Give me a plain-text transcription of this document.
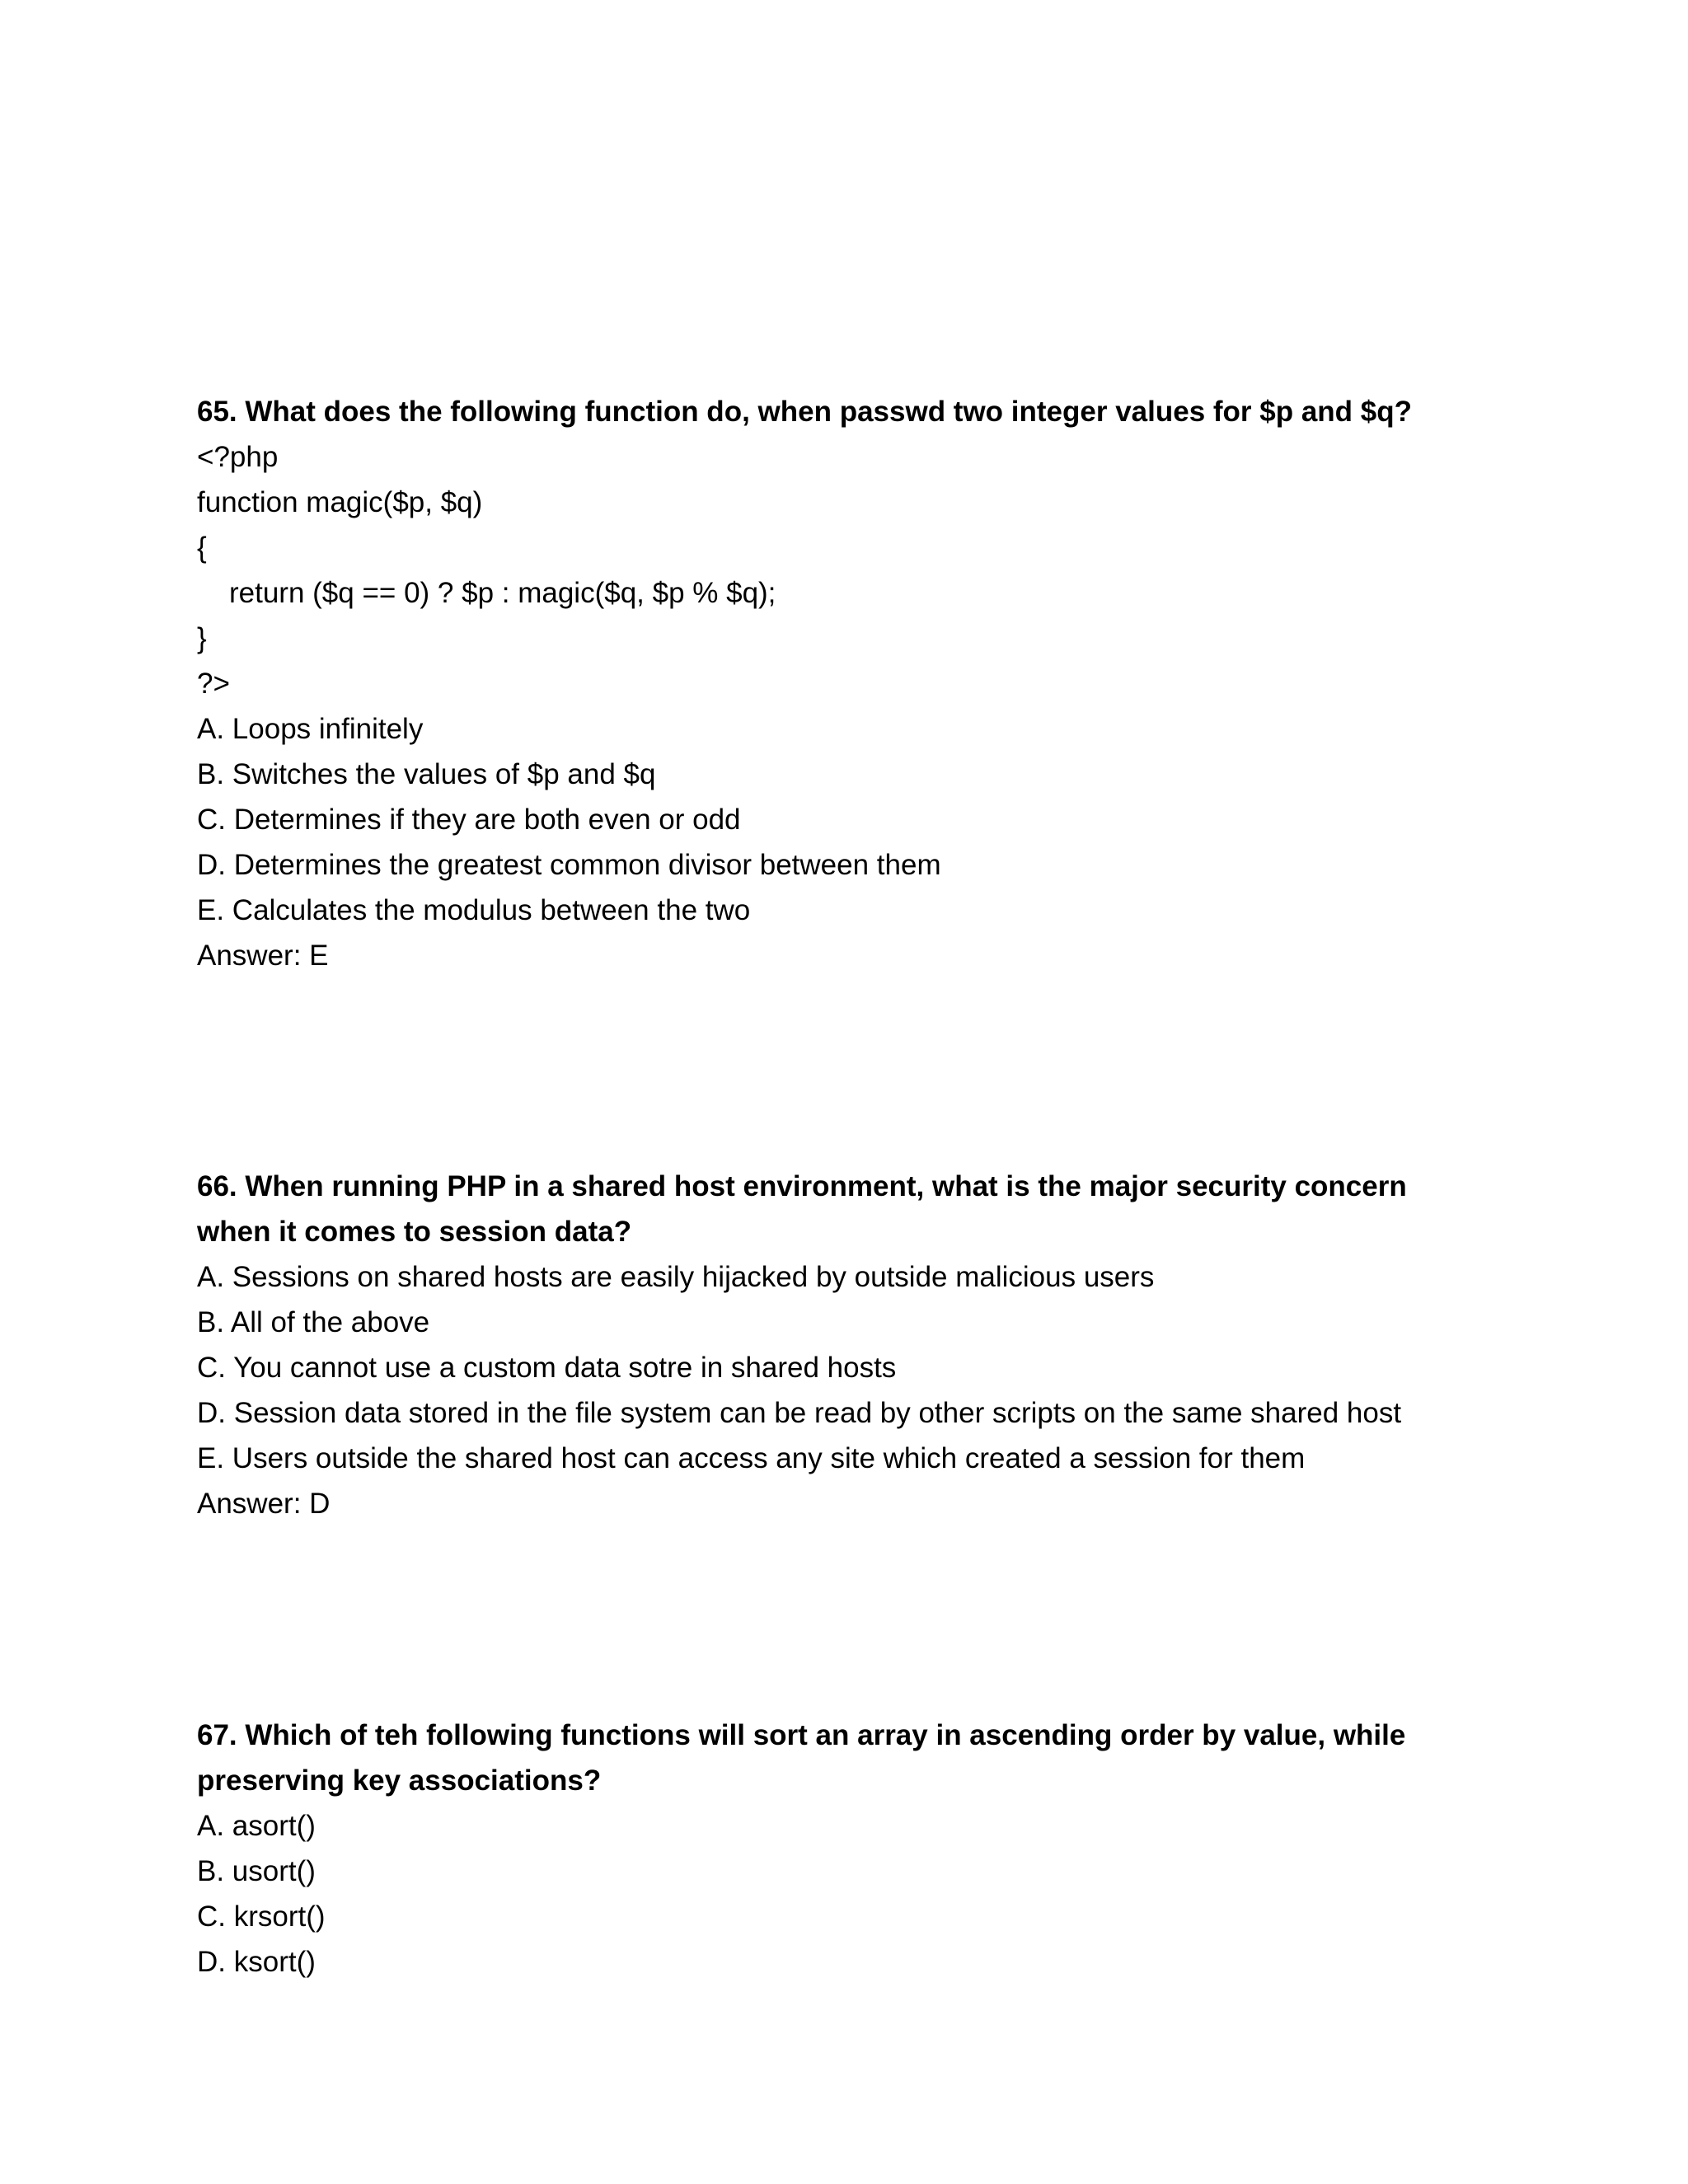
65. What does the following function do, when passwd two integer values for $p and $q?

<?php

function magic($p, $q)

{

return ($q == 0) ? $p : magic($q, $p % $q);

}

?>

A. Loops infinitely

B. Switches the values of $p and $q

C. Determines if they are both even or odd

D. Determines the greatest common divisor between them

E. Calculates the modulus between the two

Answer: E

66. When running PHP in a shared host environment, what is the major security concern

when it comes to session data?

A. Sessions on shared hosts are easily hijacked by outside malicious users

B. All of the above

C. You cannot use a custom data sotre in shared hosts

D. Session data stored in the file system can be read by other scripts on the same shared host

E. Users outside the shared host can access any site which created a session for them

Answer: D

67. Which of teh following functions will sort an array in ascending order by value, while

preserving key associations?

A. asort()

B. usort()

C. krsort()

D. ksort()
